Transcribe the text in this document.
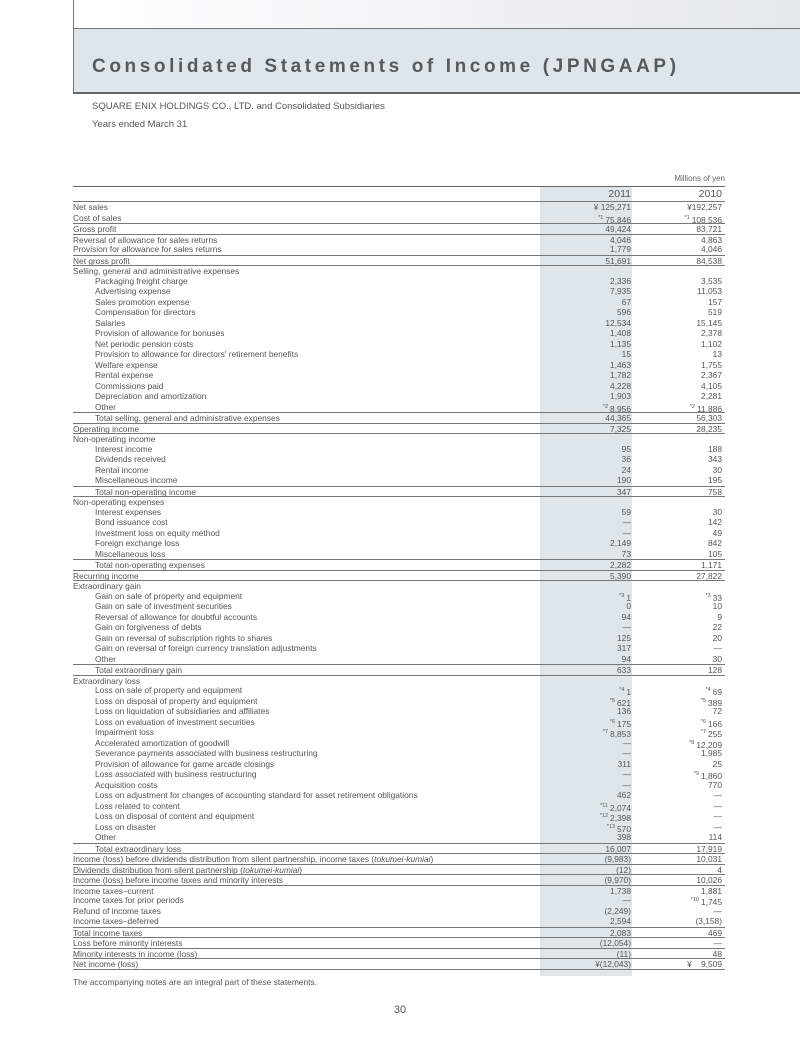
Consolidated Statements of Income (JPNGAAP)
SQUARE ENIX HOLDINGS CO., LTD. and Consolidated Subsidiaries
Years ended March 31
Millions of yen
2011	2010
Net sales	¥ 125,271	¥192,257
Cost of sales	$^{*1}$ 75,846	$^{*1}$ 108,536
Gross profit	49,424	83,721
Reversal of allowance for sales returns	4,046	4,863
Provision for allowance for sales returns	1,779	4,046
Net gross profit	51,691	84,538
Selling, general and administrative expenses
Packaging freight charge	2,336	3,535
Advertising expense	7,935	11,053
Sales promotion expense	67	157
Compensation for directors	596	519
Salaries	12,534	15,145
Provision of allowance for bonuses	1,408	2,378
Net periodic pension costs	1,135	1,102
Provision to allowance for directors' retirement benefits	15	13
Welfare expense	1,463	1,755
Rental expense	1,782	2,367
Commissions paid	4,228	4,105
Depreciation and amortization	1,903	2,281
Other	$^{*2}$ 8,956	$^{*2}$ 11,886
Total selling, general and administrative expenses	44,365	56,303
Operating income	7,325	28,235
Non-operating income
Interest income	95	188
Dividends received	36	343
Rental income	24	30
Miscellaneous income	190	195
Total non-operating income	347	758
Non-operating expenses
Interest expenses	59	30
Bond issuance cost	—	142
Investment loss on equity method	—	49
Foreign exchange loss	2,149	842
Miscellaneous loss	73	105
Total non-operating expenses	2,282	1,171
Recurring income	5,390	27,822
Extraordinary gain
Gain on sale of property and equipment	$^{*3}$ 1	$^{*3}$ 33
Gain on sale of investment securities	0	10
Reversal of allowance for doubtful accounts	94	9
Gain on forgiveness of debts	—	22
Gain on reversal of subscription rights to shares	125	20
Gain on reversal of foreign currency translation adjustments	317	—
Other	94	30
Total extraordinary gain	633	128
Extraordinary loss
Loss on sale of property and equipment	$^{*4}$ 1	$^{*4}$ 69
Loss on disposal of property and equipment	$^{*5}$ 621	$^{*5}$ 389
Loss on liquidation of subsidiaries and affiliates	136	72
Loss on evaluation of investment securities	$^{*6}$ 175	$^{*6}$ 166
Impairment loss	$^{*7}$ 8,853	$^{*7}$ 255
Accelerated amortization of goodwill	—	$^{*8}$ 12,209
Severance payments associated with business restructuring	—	1,985
Provision of allowance for game arcade closings	311	25
Loss associated with business restructuring	—	$^{*9}$ 1,860
Acquisition costs	—	770
Loss on adjustment for changes of accounting standard for asset retirement obligations	462	—
Loss related to content	$^{*11}$ 2,074	—
Loss on disposal of content and equipment	$^{*12}$ 2,398	—
Loss on disaster	$^{*13}$ 570	—
Other	398	114
Total extraordinary loss	16,007	17,919
Income (loss) before dividends distribution from silent partnership, income taxes (tokumei-kumiai)	(9,983)	10,031
Dividends distribution from silent partnership (tokumei-kumiai)	(12)	4
Income (loss) before income taxes and minority interests	(9,970)	10,026
Income taxes–current	1,738	1,881
Income taxes for prior periods	—	$^{*10}$ 1,745
Refund of income taxes	(2,249)	—
Income taxes–deferred	2,594	(3,158)
Total income taxes	2,083	469
Loss before minority interests	(12,054)	—
Minority interests in income (loss)	(11)	48
Net income (loss)	¥(12,043)	¥    9,509
The accompanying notes are an integral part of these statements.
30
